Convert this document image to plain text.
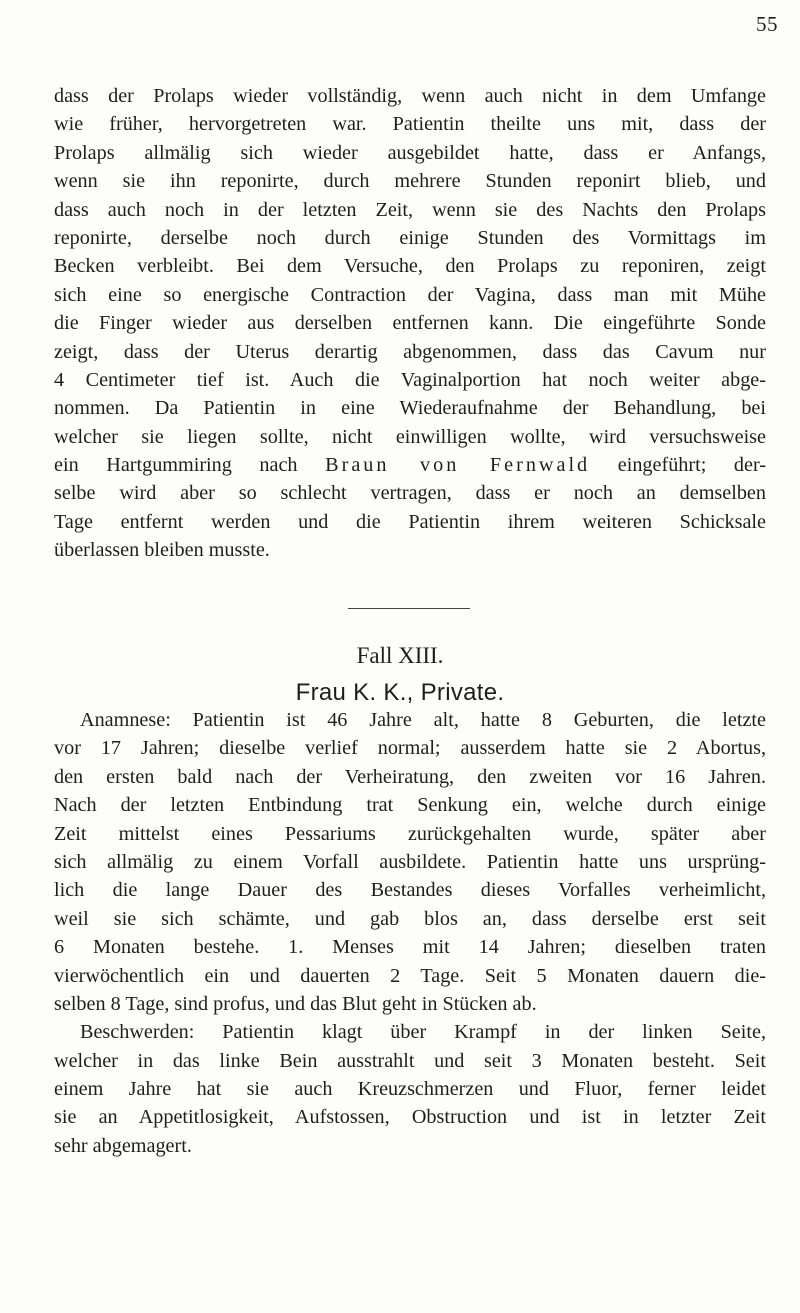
55
dass der Prolaps wieder vollständig, wenn auch nicht in dem Umfange
wie früher, hervorgetreten war. Patientin theilte uns mit, dass der
Prolaps allmälig sich wieder ausgebildet hatte, dass er Anfangs,
wenn sie ihn reponirte, durch mehrere Stunden reponirt blieb, und
dass auch noch in der letzten Zeit, wenn sie des Nachts den Prolaps
reponirte, derselbe noch durch einige Stunden des Vormittags im
Becken verbleibt. Bei dem Versuche, den Prolaps zu reponiren, zeigt
sich eine so energische Contraction der Vagina, dass man mit Mühe
die Finger wieder aus derselben entfernen kann. Die eingeführte Sonde
zeigt, dass der Uterus derartig abgenommen, dass das Cavum nur
4 Centimeter tief ist. Auch die Vaginalportion hat noch weiter abge-
nommen. Da Patientin in eine Wiederaufnahme der Behandlung, bei
welcher sie liegen sollte, nicht einwilligen wollte, wird versuchsweise
ein Hartgummiring nach Braun von Fernwald eingeführt; der-
selbe wird aber so schlecht vertragen, dass er noch an demselben
Tage entfernt werden und die Patientin ihrem weiteren Schicksale
überlassen bleiben musste.
Fall XIII.
Frau K. K., Private.
Anamnese: Patientin ist 46 Jahre alt, hatte 8 Geburten, die letzte
vor 17 Jahren; dieselbe verlief normal; ausserdem hatte sie 2 Abortus,
den ersten bald nach der Verheiratung, den zweiten vor 16 Jahren.
Nach der letzten Entbindung trat Senkung ein, welche durch einige
Zeit mittelst eines Pessariums zurückgehalten wurde, später aber
sich allmälig zu einem Vorfall ausbildete. Patientin hatte uns ursprüng-
lich die lange Dauer des Bestandes dieses Vorfalles verheimlicht,
weil sie sich schämte, und gab blos an, dass derselbe erst seit
6 Monaten bestehe. 1. Menses mit 14 Jahren; dieselben traten
vierwöchentlich ein und dauerten 2 Tage. Seit 5 Monaten dauern die-
selben 8 Tage, sind profus, und das Blut geht in Stücken ab.
Beschwerden: Patientin klagt über Krampf in der linken Seite,
welcher in das linke Bein ausstrahlt und seit 3 Monaten besteht. Seit
einem Jahre hat sie auch Kreuzschmerzen und Fluor, ferner leidet
sie an Appetitlosigkeit, Aufstossen, Obstruction und ist in letzter Zeit
sehr abgemagert.
